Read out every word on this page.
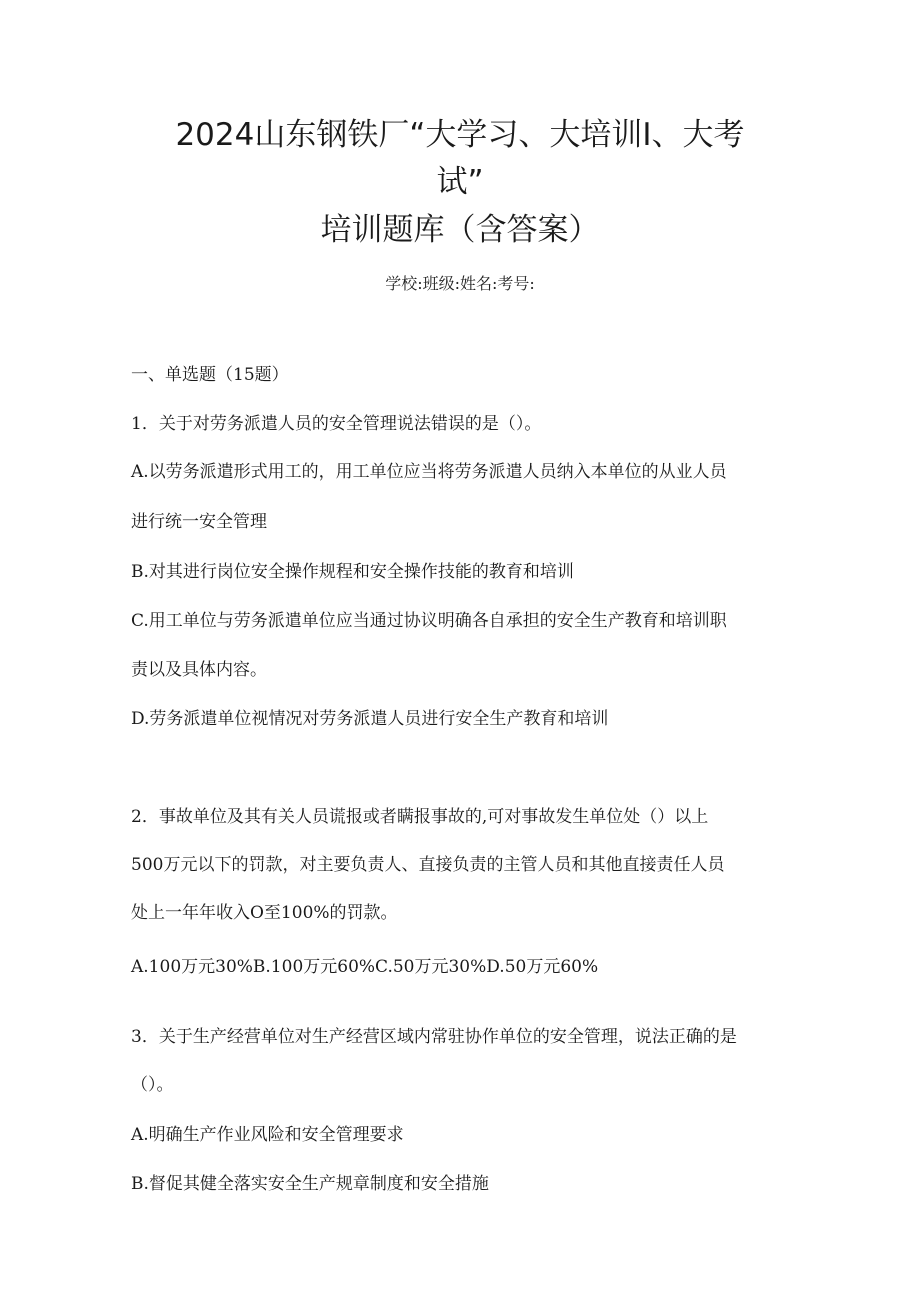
2024山东钢铁厂“大学习、大培训I、大考
试”
培训题库（含答案）
学校:班级:姓名:考号:
一、单选题（15题）
1．关于对劳务派遣人员的安全管理说法错误的是（）。
A.以劳务派遣形式用工的，用工单位应当将劳务派遣人员纳入本单位的从业人员
进行统一安全管理
B.对其进行岗位安全操作规程和安全操作技能的教育和培训
C.用工单位与劳务派遣单位应当通过协议明确各自承担的安全生产教育和培训职
责以及具体内容。
D.劳务派遣单位视情况对劳务派遣人员进行安全生产教育和培训
2．事故单位及其有关人员谎报或者瞒报事故的,可对事故发生单位处（）以上
500万元以下的罚款，对主要负责人、直接负责的主管人员和其他直接责任人员
处上一年年收入O至100%的罚款。
A.100万元30%B.100万元60%C.50万元30%D.50万元60%
3．关于生产经营单位对生产经营区域内常驻协作单位的安全管理，说法正确的是
（）。
A.明确生产作业风险和安全管理要求
B.督促其健全落实安全生产规章制度和安全措施
